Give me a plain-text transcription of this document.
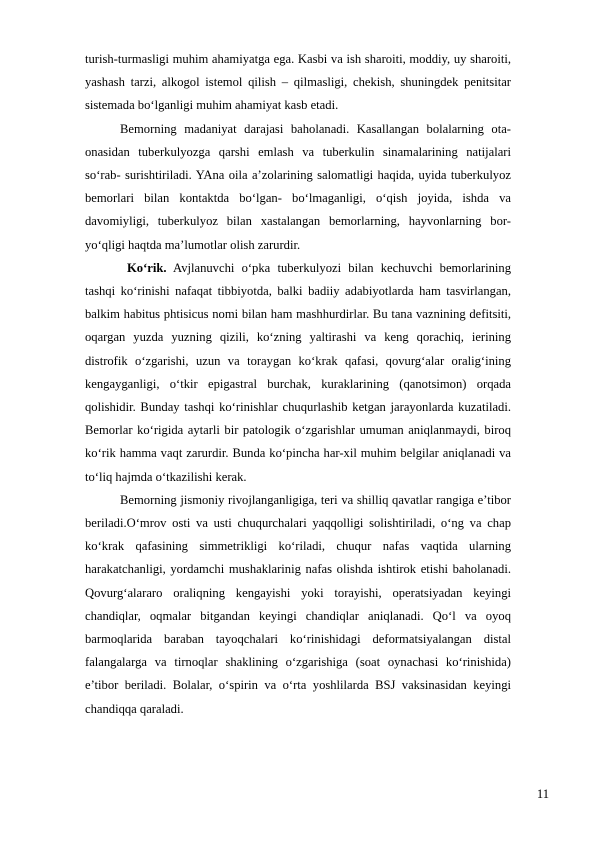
turish-turmasligi muhim ahamiyatga ega. Kasbi va ish sharoiti, moddiy, uy sharoiti, yashash tarzi, alkogol istemol qilish – qilmasligi, chekish, shuningdek penitsitar sistemada bo‘lganligi muhim ahamiyat kasb etadi.

Bemorning madaniyat darajasi baholanadi. Kasallangan bolalarning ota-onasidan tuberkulyozga qarshi emlash va tuberkulin sinamalarining natijalari so‘rab- surishtiriladi. YAna oila a’zolarining salomatligi haqida, uyida tuberkulyoz bemorlari bilan kontaktda bo‘lgan- bo‘lmaganligi, o‘qish joyida, ishda va davomiyligi, tuberkulyoz bilan xastalangan bemorlarning, hayvonlarning bor-yo‘qligi haqtda ma’lumotlar olish zarurdir.

Ko‘rik. Avjlanuvchi o‘pka tuberkulyozi bilan kechuvchi bemorlarining tashqi ko‘rinishi nafaqat tibbiyotda, balki badiiy adabiyotlarda ham tasvirlangan, balkim habitus phtisicus nomi bilan ham mashhurdirlar. Bu tana vaznining defitsiti, oqargan yuzda yuzning qizili, ko‘zning yaltirashi va keng qorachiq, ierining distrofik o‘zgarishi, uzun va toraygan ko‘krak qafasi, qovurg‘alar oralig‘ining kengayganligi, o‘tkir epigastral burchak, kuraklarining (qanotsimon) orqada qolishidir. Bunday tashqi ko‘rinishlar chuqurlashib ketgan jarayonlarda kuzatiladi. Bemorlar ko‘rigida aytarli bir patologik o‘zgarishlar umuman aniqlanmaydi, biroq ko‘rik hamma vaqt zarurdir. Bunda ko‘pincha har-xil muhim belgilar aniqlanadi va to‘liq hajmda o‘tkazilishi kerak.

Bemorning jismoniy rivojlanganligiga, teri va shilliq qavatlar rangiga e’tibor beriladi.O‘mrov osti va usti chuqurchalari yaqqolligi solishtiriladi, o‘ng va chap ko‘krak qafasining simmetrikligi ko‘riladi, chuqur nafas vaqtida ularning harakatchanligi, yordamchi mushaklarinig nafas olishda ishtirok etishi baholanadi. Qovurg‘alararo oraliqning kengayishi yoki torayishi, operatsiyadan keyingi chandiqlar, oqmalar bitgandan keyingi chandiqlar aniqlanadi. Qo‘l va oyoq barmoqlarida baraban tayoqchalari ko‘rinishidagi deformatsiyalangan distal falangalarga va tirnoqlar shaklining o‘zgarishiga (soat oynachasi ko‘rinishida) e’tibor beriladi. Bolalar, o‘spirin va o‘rta yoshlilarda BSJ vaksinasidan keyingi chandiqqa qaraladi.

11
